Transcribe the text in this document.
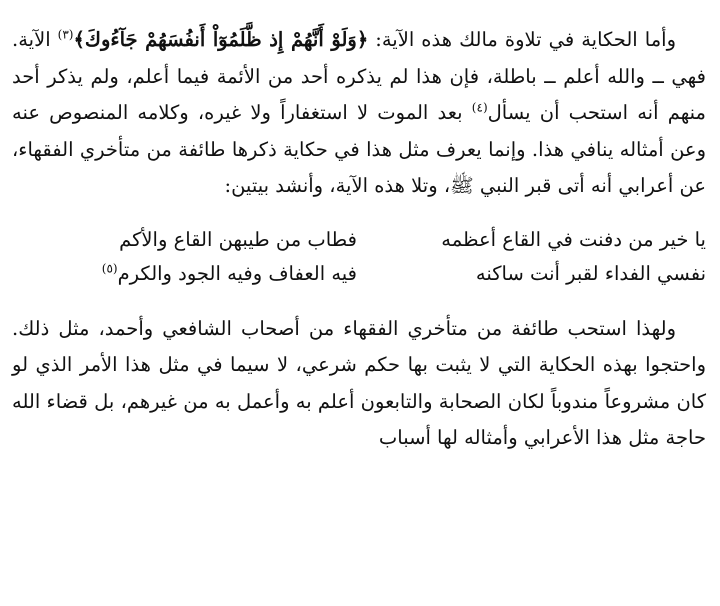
وأما الحكاية في تلاوة مالك هذه الآية: ﴿وَلَوْ أَنَّهُمْ إِذ ظَّلَمُوٓاْ أَنفُسَهُمْ جَآءُوكَ﴾$^{(٣)}$ الآية. فهي ــ والله أعلم ــ باطلة، فإن هذا لم يذكره أحد من الأئمة فيما أعلم، ولم يذكر أحد منهم أنه استحب أن يسأل$^{(٤)}$ بعد الموت لا استغفاراً ولا غيره، وكلامه المنصوص عنه وعن أمثاله ينافي هذا. وإنما يعرف مثل هذا في حكاية ذكرها طائفة من متأخري الفقهاء، عن أعرابي أنه أتى قبر النبي ﷺ، وتلا هذه الآية، وأنشد بيتين:

يا خير من دفنت في القاع أعظمه
فطاب من طيبهن القاع والأكم
نفسي الفداء لقبر أنت ساكنه
فيه العفاف وفيه الجود والكرم$^{(٥)}$

ولهذا استحب طائفة من متأخري الفقهاء من أصحاب الشافعي وأحمد، مثل ذلك. واحتجوا بهذه الحكاية التي لا يثبت بها حكم شرعي، لا سيما في مثل هذا الأمر الذي لو كان مشروعاً مندوباً لكان الصحابة والتابعون أعلم به وأعمل به من غيرهم، بل قضاء الله حاجة مثل هذا الأعرابي وأمثاله لها أسباب
